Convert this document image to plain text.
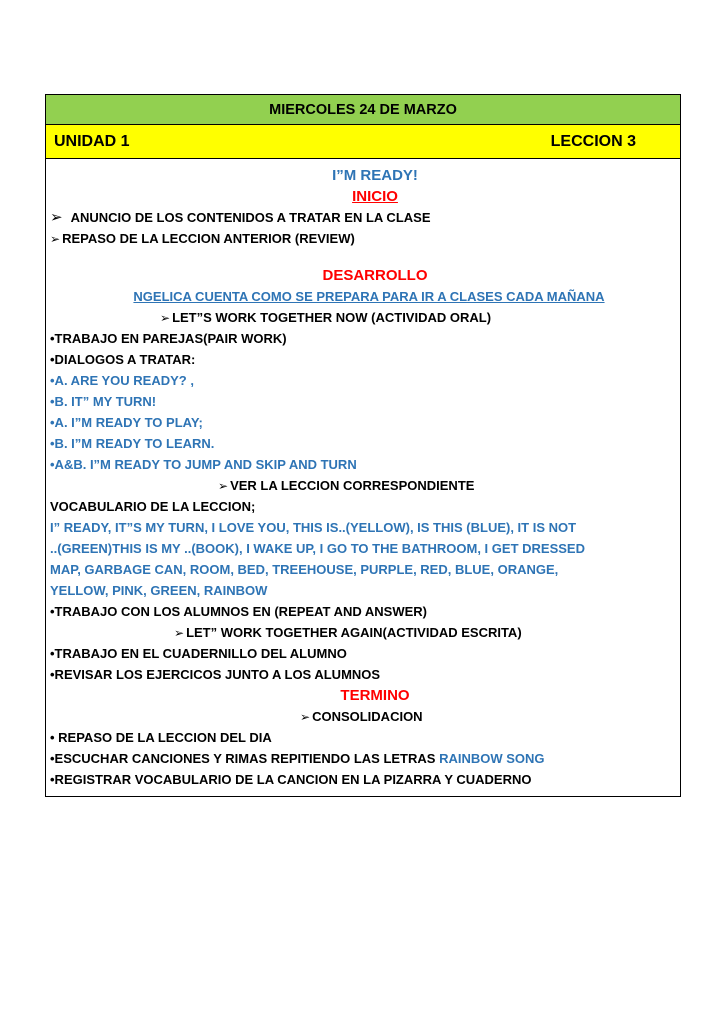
MIERCOLES 24 DE MARZO
UNIDAD 1	LECCION 3
I”M READY!
INICIO
➢ ANUNCIO DE LOS CONTENIDOS A TRATAR EN LA CLASE
➢ REPASO DE LA LECCION ANTERIOR (REVIEW)
DESARROLLO
NGELICA CUENTA COMO SE PREPARA PARA IR A CLASES CADA MAÑANA
➢ LET”S WORK TOGETHER NOW (ACTIVIDAD ORAL)
•TRABAJO EN PAREJAS(PAIR WORK)
•DIALOGOS A TRATAR:
•A. ARE YOU READY? ,
•B. IT” MY TURN!
•A. I”M READY TO PLAY;
•B. I”M READY TO LEARN.
•A&B. I”M READY TO JUMP AND SKIP AND TURN
➢ VER LA LECCION CORRESPONDIENTE
VOCABULARIO DE LA LECCION;
I” READY, IT”S MY TURN, I LOVE YOU, THIS IS..(YELLOW), IS THIS (BLUE), IT IS NOT
..(GREEN)THIS IS MY ..(BOOK), I WAKE UP, I GO TO THE BATHROOM, I GET DRESSED
MAP, GARBAGE CAN, ROOM, BED, TREEHOUSE, PURPLE, RED, BLUE, ORANGE,
YELLOW, PINK, GREEN, RAINBOW
•TRABAJO CON LOS ALUMNOS EN (REPEAT AND ANSWER)
➢ LET” WORK TOGETHER AGAIN(ACTIVIDAD ESCRITA)
•TRABAJO EN EL CUADERNILLO DEL ALUMNO
•REVISAR LOS EJERCICOS JUNTO A LOS ALUMNOS
TERMINO
➢ CONSOLIDACION
• REPASO DE LA LECCION DEL DIA
•ESCUCHAR CANCIONES Y RIMAS REPITIENDO LAS LETRAS RAINBOW SONG
•REGISTRAR VOCABULARIO DE LA CANCION EN LA PIZARRA Y CUADERNO
